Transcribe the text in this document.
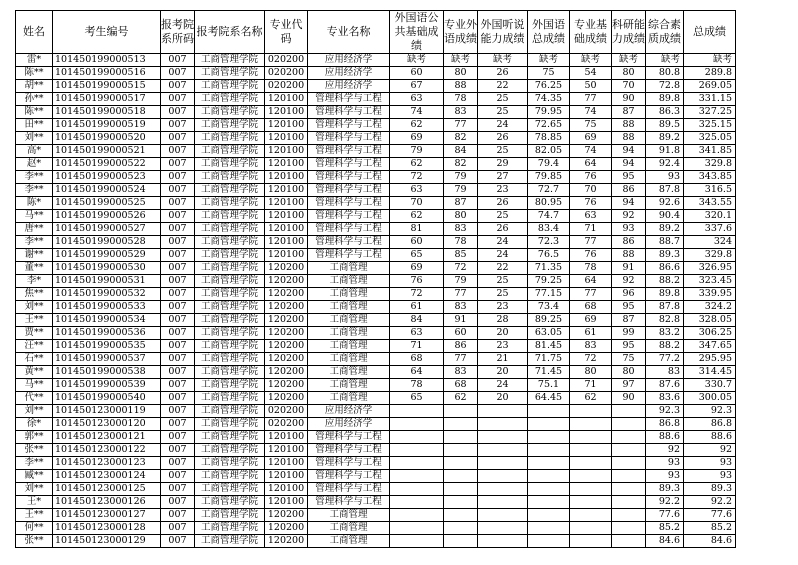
姓名	考生编号	报考院系所码	报考院系名称	专业代码	专业名称	外国语公共基础成绩	专业外语成绩	外国听说能力成绩	外国语总成绩	专业基础成绩	科研能力成绩	综合素质成绩	总成绩
雷*	101450199000513	007	工商管理学院	020200	应用经济学	缺考	缺考	缺考	缺考	缺考	缺考	缺考	缺考
陈**	101450199000516	007	工商管理学院	020200	应用经济学	60	80	26	75	54	80	80.8	289.8
胡**	101450199000515	007	工商管理学院	020200	应用经济学	67	88	22	76.25	50	70	72.8	269.05
孙**	101450199000517	007	工商管理学院	120100	管理科学与工程	63	78	25	74.35	77	90	89.8	331.15
陈**	101450199000518	007	工商管理学院	120100	管理科学与工程	74	83	25	79.95	74	87	86.3	327.25
田**	101450199000519	007	工商管理学院	120100	管理科学与工程	62	77	24	72.65	75	88	89.5	325.15
刘**	101450199000520	007	工商管理学院	120100	管理科学与工程	69	82	26	78.85	69	88	89.2	325.05
高*	101450199000521	007	工商管理学院	120100	管理科学与工程	79	84	25	82.05	74	94	91.8	341.85
赵*	101450199000522	007	工商管理学院	120100	管理科学与工程	62	82	29	79.4	64	94	92.4	329.8
李**	101450199000523	007	工商管理学院	120100	管理科学与工程	72	79	27	79.85	76	95	93	343.85
李**	101450199000524	007	工商管理学院	120100	管理科学与工程	63	79	23	72.7	70	86	87.8	316.5
陈*	101450199000525	007	工商管理学院	120100	管理科学与工程	70	87	26	80.95	76	94	92.6	343.55
马**	101450199000526	007	工商管理学院	120100	管理科学与工程	62	80	25	74.7	63	92	90.4	320.1
唐**	101450199000527	007	工商管理学院	120100	管理科学与工程	81	83	26	83.4	71	93	89.2	337.6
李**	101450199000528	007	工商管理学院	120100	管理科学与工程	60	78	24	72.3	77	86	88.7	324
谢**	101450199000529	007	工商管理学院	120100	管理科学与工程	65	85	24	76.5	76	88	89.3	329.8
董**	101450199000530	007	工商管理学院	120200	工商管理	69	72	22	71.35	78	91	86.6	326.95
李*	101450199000531	007	工商管理学院	120200	工商管理	76	79	25	79.25	64	92	88.2	323.45
焦**	101450199000532	007	工商管理学院	120200	工商管理	72	77	25	77.15	77	96	89.8	339.95
刘**	101450199000533	007	工商管理学院	120200	工商管理	61	83	23	73.4	68	95	87.8	324.2
王**	101450199000534	007	工商管理学院	120200	工商管理	84	91	28	89.25	69	87	82.8	328.05
贾**	101450199000536	007	工商管理学院	120200	工商管理	63	60	20	63.05	61	99	83.2	306.25
汪**	101450199000535	007	工商管理学院	120200	工商管理	71	86	23	81.45	83	95	88.2	347.65
石**	101450199000537	007	工商管理学院	120200	工商管理	68	77	21	71.75	72	75	77.2	295.95
黄**	101450199000538	007	工商管理学院	120200	工商管理	64	83	20	71.45	80	80	83	314.45
马**	101450199000539	007	工商管理学院	120200	工商管理	78	68	24	75.1	71	97	87.6	330.7
代**	101450199000540	007	工商管理学院	120200	工商管理	65	62	20	64.45	62	90	83.6	300.05
刘**	101450123000119	007	工商管理学院	020200	应用经济学							92.3	92.3
徐*	101450123000120	007	工商管理学院	020200	应用经济学							86.8	86.8
郭**	101450123000121	007	工商管理学院	120100	管理科学与工程							88.6	88.6
张**	101450123000122	007	工商管理学院	120100	管理科学与工程							92	92
李**	101450123000123	007	工商管理学院	120100	管理科学与工程							93	93
臧**	101450123000124	007	工商管理学院	120100	管理科学与工程							93	93
刘**	101450123000125	007	工商管理学院	120100	管理科学与工程							89.3	89.3
王*	101450123000126	007	工商管理学院	120100	管理科学与工程							92.2	92.2
王**	101450123000127	007	工商管理学院	120200	工商管理							77.6	77.6
何**	101450123000128	007	工商管理学院	120200	工商管理							85.2	85.2
张**	101450123000129	007	工商管理学院	120200	工商管理							84.6	84.6
